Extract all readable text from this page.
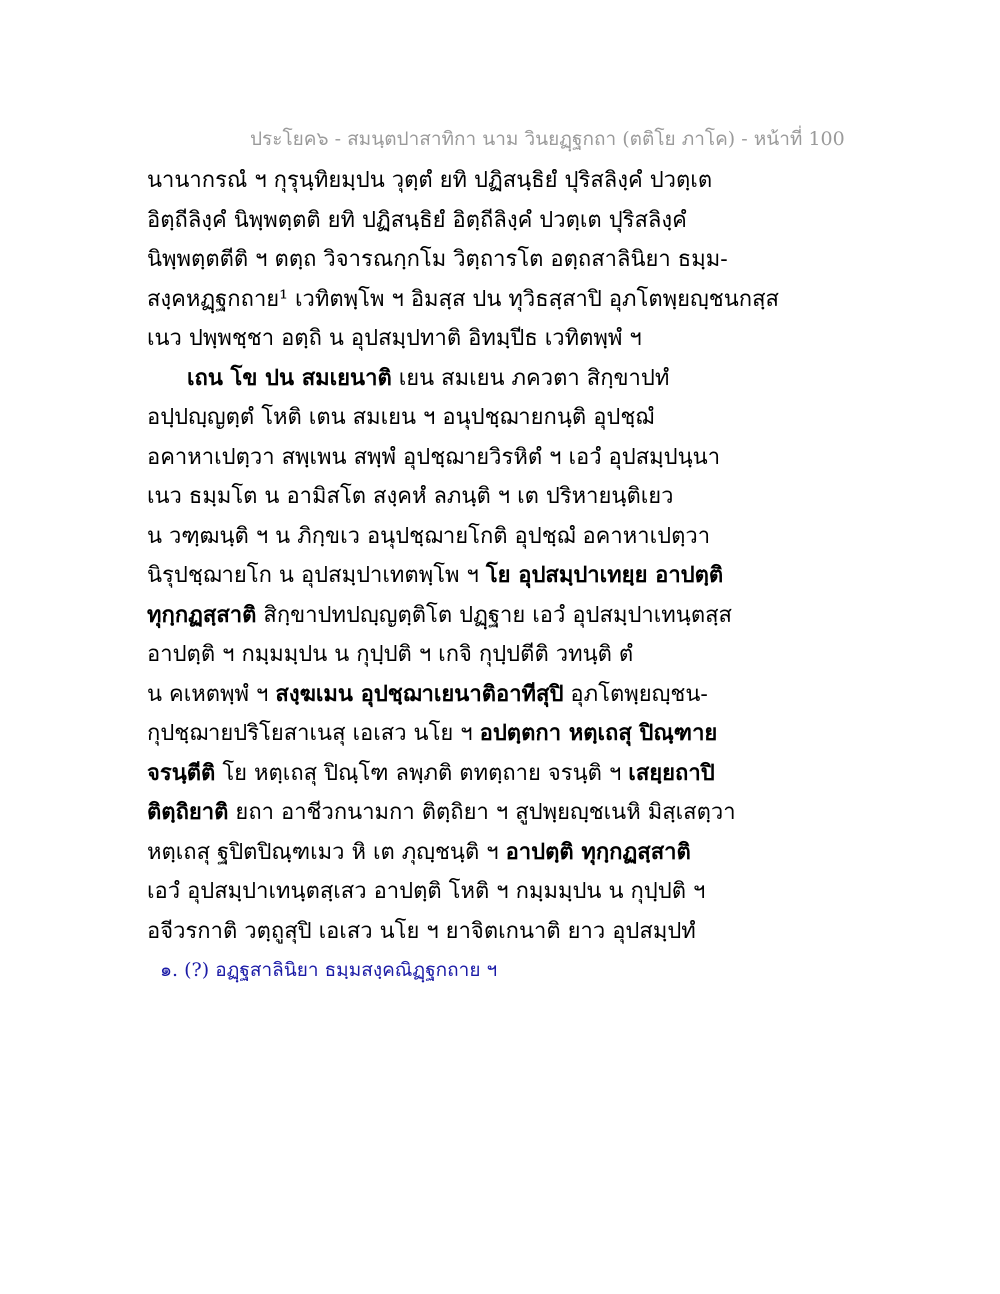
ประโยค๖ - สมนฺตปาสาทิกา นาม วินยฏฺฐกถา (ตติโย ภาโค) - หน้าที่ 100
นานากรณํ ฯ กุรุนฺทิยมฺปน วุตฺตํ ยทิ ปฏิสนฺธิยํ ปุริสลิงฺคํ ปวตฺเต
อิตฺถีลิงฺคํ นิพฺพตฺตติ ยทิ ปฏิสนฺธิยํ อิตฺถีลิงฺคํ ปวตฺเต ปุริสลิงฺคํ
นิพฺพตฺตตีติ ฯ ตตฺถ วิจารณกฺกโม วิตฺถารโต อตฺถสาลินิยา ธมฺม-
สงฺคหฏฺฐกถาย¹ เวทิตพฺโพ ฯ อิมสฺส ปน ทุวิธสฺสาปิ อุภโตพฺยญฺชนกสฺส
เนว ปพฺพชฺชา อตฺถิ น อุปสมฺปทาติ อิทมฺปีธ เวทิตพฺพํ ฯ
เถน โข ปน สมเยนาติ เยน สมเยน ภควตา สิกฺขาปทํ
อปฺปญฺญตฺตํ โหติ เตน สมเยน ฯ อนุปชฺฌายกนฺติ อุปชฺฌํ
อคาหาเปตฺวา สพฺเพน สพฺพํ อุปชฺฌายวิรหิตํ ฯ เอวํ อุปสมฺปนฺนา
เนว ธมฺมโต น อามิสโต สงฺคหํ ลภนฺติ ฯ เต ปริหายนฺติเยว
น วฑฺฒนฺติ ฯ น ภิกฺขเว อนุปชฺฌายโกติ อุปชฺฌํ อคาหาเปตฺวา
นิรุปชฺฌายโก น อุปสมฺปาเทตพฺโพ ฯ โย อุปสมฺปาเทยฺย อาปตฺติ
ทุกฺกฏสฺสาติ สิกฺขาปทปญฺญตฺติโต ปฏฺฐาย เอวํ อุปสมฺปาเทนฺตสฺส
อาปตฺติ ฯ กมฺมมฺปน น กุปฺปติ ฯ เกจิ กุปฺปตีติ วทนฺติ ตํ
น คเหตพฺพํ ฯ สงฺฆเมน อุปชฺฌาเยนาติอาทีสุปิ อุภโตพฺยญฺชน-
กุปชฺฌายปริโยสาเนสุ เอเสว นโย ฯ อปตฺตกา หตฺเถสุ ปิณฺฑาย
จรนฺตีติ โย หตฺเถสุ ปิณฺโฑ ลพฺภติ ตทตฺถาย จรนฺติ ฯ เสยฺยถาปิ
ติตฺถิยาติ ยถา อาชีวกนามกา ติตฺถิยา ฯ สูปพฺยญฺชเนหิ มิสฺเสตฺวา
หตฺเถสุ ฐปิตปิณฺฑเมว หิ เต ภุญฺชนฺติ ฯ อาปตฺติ ทุกฺกฏสฺสาติ
เอวํ อุปสมฺปาเทนฺตสฺเสว อาปตฺติ โหติ ฯ กมฺมมฺปน น กุปฺปติ ฯ
อจีวรกาติ วตฺถูสุปิ เอเสว นโย ฯ ยาจิตเกนาติ ยาว อุปสมฺปทํ
๑. (?) อฏฺฐสาลินิยา ธมฺมสงฺคณิฏฺฐกถาย ฯ
